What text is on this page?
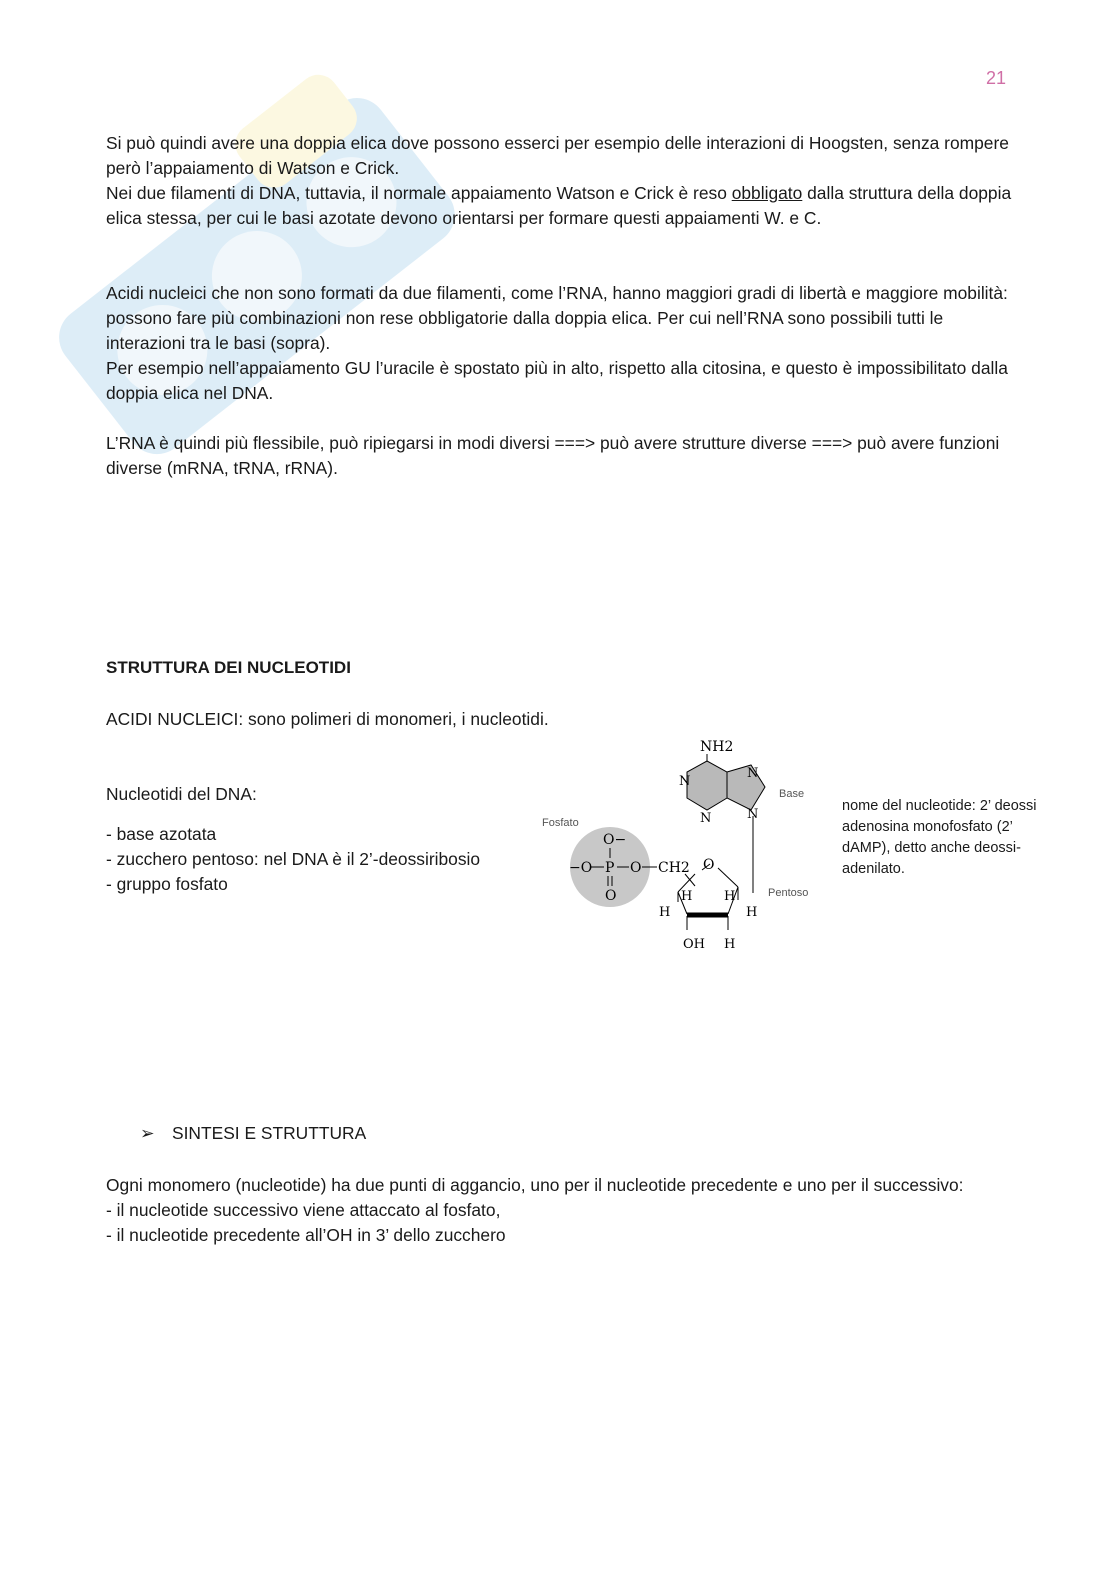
21

Si può quindi avere una doppia elica dove possono esserci per esempio delle interazioni di Hoogsten, senza rompere però l’appaiamento di Watson e Crick.

Nei due filamenti di DNA, tuttavia, il normale appaiamento Watson e Crick è reso obbligato dalla struttura della doppia elica stessa, per cui le basi azotate devono orientarsi per formare questi appaiamenti W. e C.

Acidi nucleici che non sono formati da due filamenti, come l’RNA, hanno maggiori gradi di libertà e maggiore mobilità: possono fare più combinazioni non rese obbligatorie dalla doppia elica. Per cui nell’RNA sono possibili tutti le interazioni tra le basi (sopra).

Per esempio nell’appaiamento GU l’uracile è spostato più in alto, rispetto alla citosina, e questo è impossibilitato dalla doppia elica nel DNA.

L’RNA è quindi più flessibile, può ripiegarsi in modi diversi ===> può avere strutture diverse ===> può avere funzioni diverse (mRNA, tRNA, rRNA).

STRUTTURA DEI NUCLEOTIDI

ACIDI NUCLEICI: sono polimeri di monomeri, i nucleotidi.

Nucleotidi del DNA:

- base azotata

- zucchero pentoso: nel DNA è il 2’-deossiribosio

- gruppo fosfato

Fosfato
O−
−O P O
O
CH2 O
H H
H	H
OH H
Pentoso
NH2
N
N
N
N
Base
nome del nucleotide: 2’ deossi adenosina monofosfato (2’ dAMP), detto anche deossi-adenilato.
➢ SINTESI E STRUTTURA

Ogni monomero (nucleotide) ha due punti di aggancio, uno per il nucleotide precedente e uno per il successivo:

- il nucleotide successivo viene attaccato al fosfato,

- il nucleotide precedente all’OH in 3’ dello zucchero
